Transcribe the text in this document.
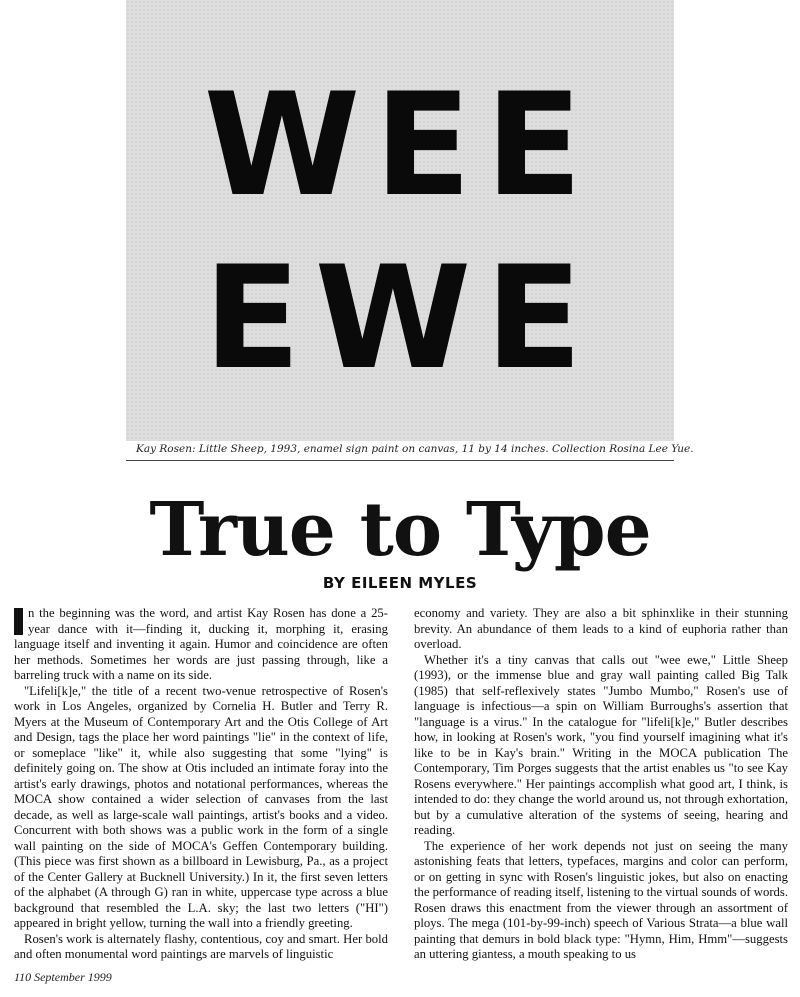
WEE
EWE
Kay Rosen: Little Sheep, 1993, enamel sign paint on canvas, 11 by 14 inches. Collection Rosina Lee Yue.
True to Type
BY EILEEN MYLES

n the beginning was the word, and artist Kay Rosen has done a 25-year dance with it—finding it, ducking it, morphing it, erasing language itself and inventing it again. Humor and coincidence are often her methods. Sometimes her words are just passing through, like a barreling truck with a name on its side.

"Lifeli[k]e," the title of a recent two-venue retrospective of Rosen's work in Los Angeles, organized by Cornelia H. Butler and Terry R. Myers at the Museum of Contemporary Art and the Otis College of Art and Design, tags the place her word paintings "lie" in the context of life, or someplace "like" it, while also suggesting that some "lying" is definitely going on. The show at Otis included an intimate foray into the artist's early drawings, photos and notational performances, whereas the MOCA show contained a wider selection of canvases from the last decade, as well as large-scale wall paintings, artist's books and a video. Concurrent with both shows was a public work in the form of a single wall painting on the side of MOCA's Geffen Contemporary building. (This piece was first shown as a billboard in Lewisburg, Pa., as a project of the Center Gallery at Bucknell University.) In it, the first seven letters of the alphabet (A through G) ran in white, uppercase type across a blue background that resembled the L.A. sky; the last two letters ("HI") appeared in bright yellow, turning the wall into a friendly greeting.

Rosen's work is alternately flashy, contentious, coy and smart. Her bold and often monumental word paintings are marvels of linguistic

economy and variety. They are also a bit sphinxlike in their stunning brevity. An abundance of them leads to a kind of euphoria rather than overload.

Whether it's a tiny canvas that calls out "wee ewe," Little Sheep (1993), or the immense blue and gray wall painting called Big Talk (1985) that self-reflexively states "Jumbo Mumbo," Rosen's use of language is infectious—a spin on William Burroughs's assertion that "language is a virus." In the catalogue for "lifeli[k]e," Butler describes how, in looking at Rosen's work, "you find yourself imagining what it's like to be in Kay's brain." Writing in the MOCA publication The Contemporary, Tim Porges suggests that the artist enables us "to see Kay Rosens everywhere." Her paintings accomplish what good art, I think, is intended to do: they change the world around us, not through exhortation, but by a cumulative alteration of the systems of seeing, hearing and reading.

The experience of her work depends not just on seeing the many astonishing feats that letters, typefaces, margins and color can perform, or on getting in sync with Rosen's linguistic jokes, but also on enacting the performance of reading itself, listening to the virtual sounds of words. Rosen draws this enactment from the viewer through an assortment of ploys. The mega (101-by-99-inch) speech of Various Strata—a blue wall painting that demurs in bold black type: "Hymn, Him, Hmm"—suggests an uttering giantess, a mouth speaking to us

110 September 1999
